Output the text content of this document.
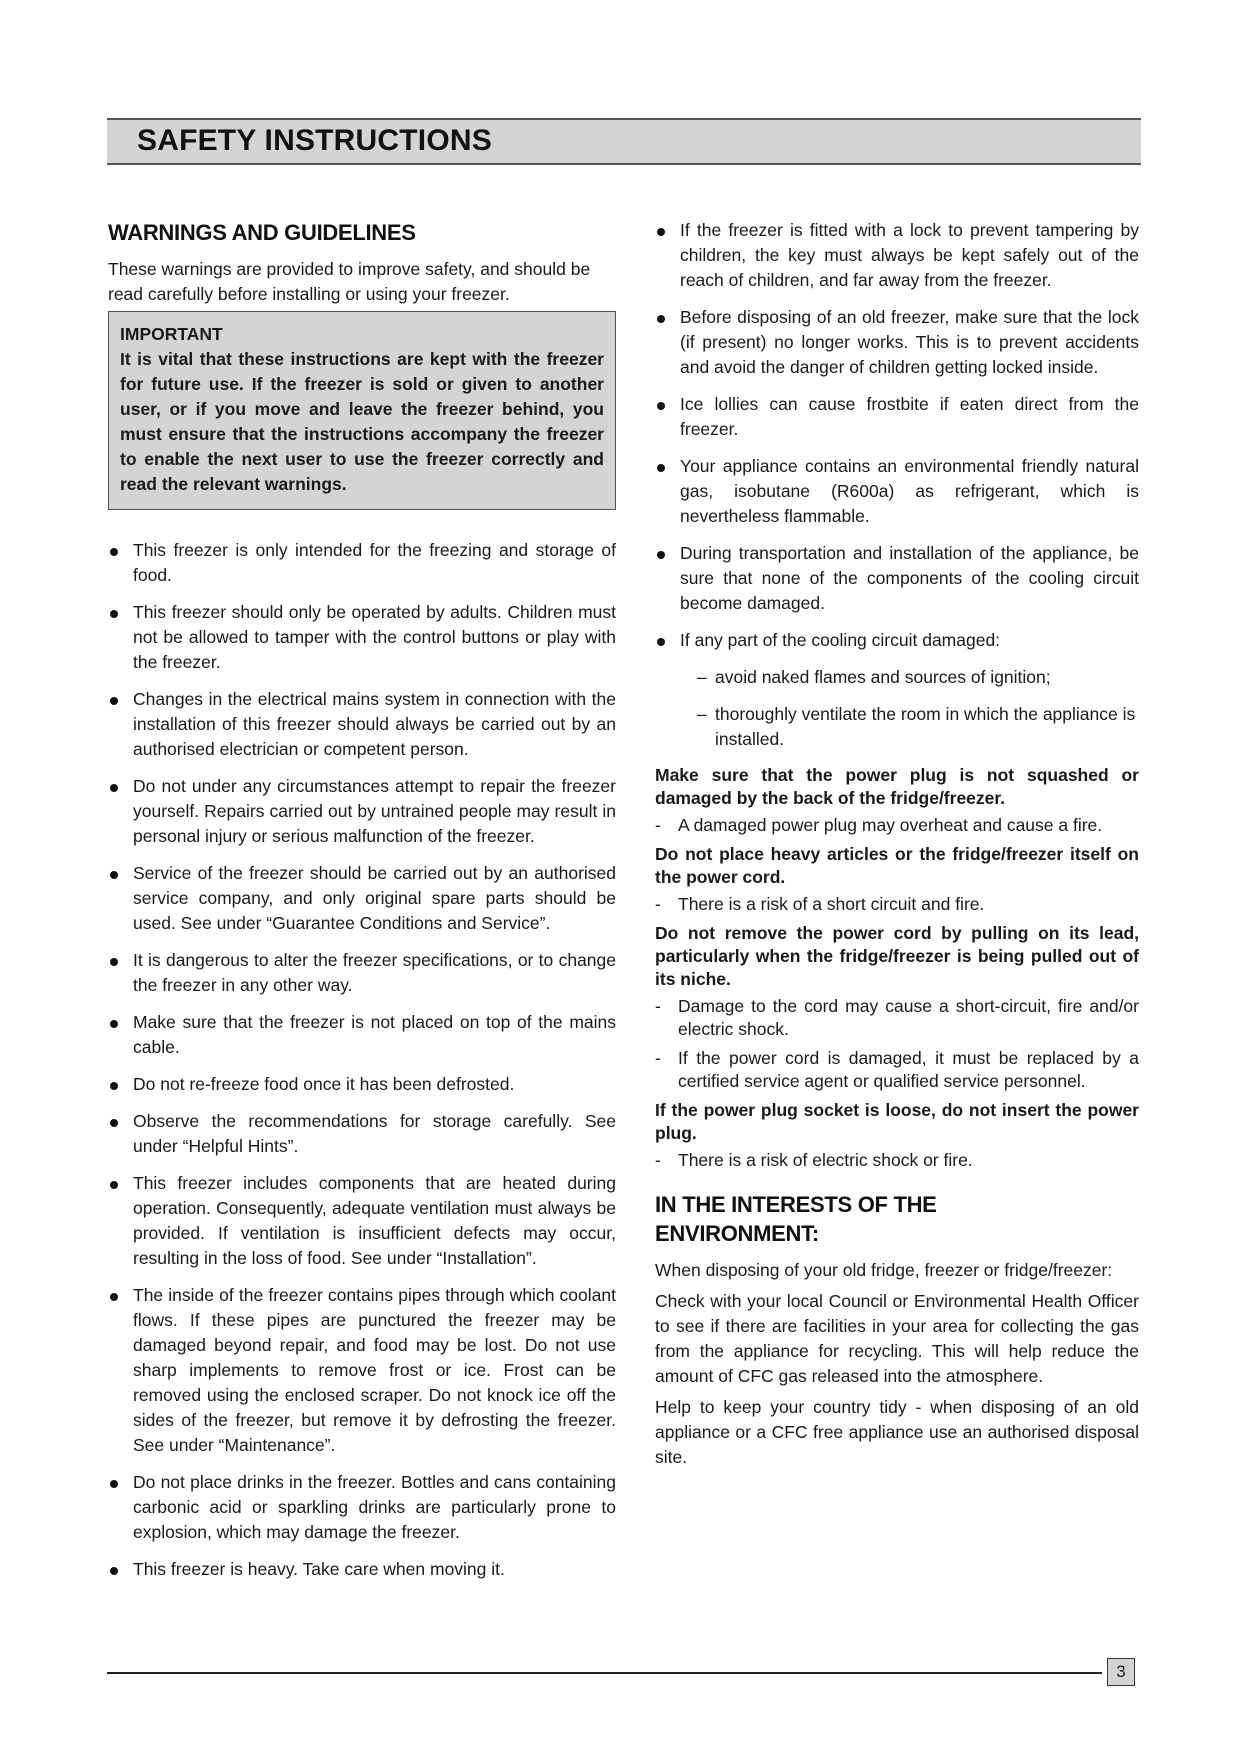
SAFETY INSTRUCTIONS
WARNINGS AND GUIDELINES

These warnings are provided to improve safety, and should be read carefully before installing or using your freezer.

IMPORTANT
It is vital that these instructions are kept with the freezer for future use. If the freezer is sold or given to another user, or if you move and leave the freezer behind, you must ensure that the instructions accompany the freezer to enable the next user to use the freezer correctly and read the relevant warnings.
This freezer is only intended for the freezing and storage of food.
This freezer should only be operated by adults. Children must not be allowed to tamper with the control buttons or play with the freezer.
Changes in the electrical mains system in connection with the installation of this freezer should always be carried out by an authorised electrician or competent person.
Do not under any circumstances attempt to repair the freezer yourself. Repairs carried out by untrained people may result in personal injury or serious malfunction of the freezer.
Service of the freezer should be carried out by an authorised service company, and only original spare parts should be used. See under “Guarantee Conditions and Service”.
It is dangerous to alter the freezer specifications, or to change the freezer in any other way.
Make sure that the freezer is not placed on top of the mains cable.
Do not re-freeze food once it has been defrosted.
Observe the recommendations for storage carefully. See under “Helpful Hints”.
This freezer includes components that are heated during operation. Consequently, adequate ventilation must always be provided. If ventilation is insufficient defects may occur, resulting in the loss of food. See under “Installation”.
The inside of the freezer contains pipes through which coolant flows. If these pipes are punctured the freezer may be damaged beyond repair, and food may be lost. Do not use sharp implements to remove frost or ice. Frost can be removed using the enclosed scraper. Do not knock ice off the sides of the freezer, but remove it by defrosting the freezer. See under “Maintenance”.
Do not place drinks in the freezer. Bottles and cans containing carbonic acid or sparkling drinks are particularly prone to explosion, which may damage the freezer.
This freezer is heavy. Take care when moving it.
If the freezer is fitted with a lock to prevent tampering by children, the key must always be kept safely out of the reach of children, and far away from the freezer.
Before disposing of an old freezer, make sure that the lock (if present) no longer works. This is to prevent accidents and avoid the danger of children getting locked inside.
Ice lollies can cause frostbite if eaten direct from the freezer.
Your appliance contains an environmental friendly natural gas, isobutane (R600a) as refrigerant, which is nevertheless flammable.
During transportation and installation of the appliance, be sure that none of the components of the cooling circuit become damaged.
If any part of the cooling circuit damaged:
– avoid naked flames and sources of ignition;
– thoroughly ventilate the room in which the appliance is installed.

Make sure that the power plug is not squashed or damaged by the back of the fridge/freezer.

- A damaged power plug may overheat and cause a fire.

Do not place heavy articles or the fridge/freezer itself on the power cord.

- There is a risk of a short circuit and fire.

Do not remove the power cord by pulling on its lead, particularly when the fridge/freezer is being pulled out of its niche.

- Damage to the cord may cause a short-circuit, fire and/or electric shock.
- If the power cord is damaged, it must be replaced by a certified service agent or qualified service personnel.

If the power plug socket is loose, do not insert the power plug.

- There is a risk of electric shock or fire.
IN THE INTERESTS OF THE
ENVIRONMENT:

When disposing of your old fridge, freezer or fridge/freezer:

Check with your local Council or Environmental Health Officer to see if there are facilities in your area for collecting the gas from the appliance for recycling. This will help reduce the amount of CFC gas released into the atmosphere.

Help to keep your country tidy - when disposing of an old appliance or a CFC free appliance use an authorised disposal site.

3
